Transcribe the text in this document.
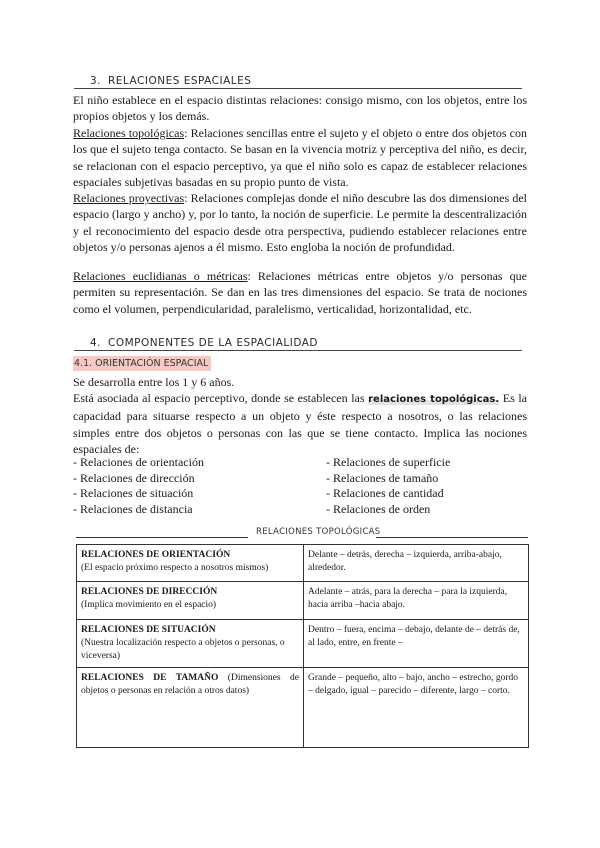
3. RELACIONES ESPACIALES

El niño establece en el espacio distintas relaciones: consigo mismo, con los objetos, entre los propios objetos y los demás.

Relaciones topológicas: Relaciones sencillas entre el sujeto y el objeto o entre dos objetos con los que el sujeto tenga contacto. Se basan en la vivencia motriz y perceptiva del niño, es decir, se relacionan con el espacio perceptivo, ya que el niño solo es capaz de establecer relaciones espaciales subjetivas basadas en su propio punto de vista.

Relaciones proyectivas: Relaciones complejas donde el niño descubre las dos dimensiones del espacio (largo y ancho) y, por lo tanto, la noción de superficie. Le permite la descentralización y el reconocimiento del espacio desde otra perspectiva, pudiendo establecer relaciones entre objetos y/o personas ajenos a él mismo. Esto engloba la noción de profundidad.

Relaciones euclidianas o métricas: Relaciones métricas entre objetos y/o personas que permiten su representación. Se dan en las tres dimensiones del espacio. Se trata de nociones como el volumen, perpendicularidad, paralelismo, verticalidad, horizontalidad, etc.

4. COMPONENTES DE LA ESPACIALIDAD
4.1. ORIENTACIÓN ESPACIAL

Se desarrolla entre los 1 y 6 años.

Está asociada al espacio perceptivo, donde se establecen las relaciones topológicas. Es la capacidad para situarse respecto a un objeto y éste respecto a nosotros, o las relaciones simples entre dos objetos o personas con las que se tiene contacto. Implica las nociones espaciales de:

- Relaciones de orientación
- Relaciones de dirección
- Relaciones de situación
- Relaciones de distancia
- Relaciones de superficie
- Relaciones de tamaño
- Relaciones de cantidad
- Relaciones de orden
RELACIONES TOPOLÓGICAS
RELACIONES DE ORIENTACIÓN
(El espacio próximo respecto a nosotros mismos)	Delante – detrás, derecha – izquierda, arriba-abajo, alrededor.

RELACIONES DE DIRECCIÓN
(Implica movimiento en el espacio)	Adelante – atrás, para la derecha – para la izquierda, hacia arriba –hacia abajo.

RELACIONES DE SITUACIÓN
(Nuestra localización respecto a objetos o personas, o viceversa)	Dentro – fuera, encima – debajo, delante de – detrás de, al lado, entre, en frente –
RELACIONES DE TAMAÑO (Dimensiones de objetos o personas en relación a otros datos)	Grande – pequeño, alto – bajo, ancho – estrecho, gordo – delgado, igual – parecido – diferente, largo – corto.
